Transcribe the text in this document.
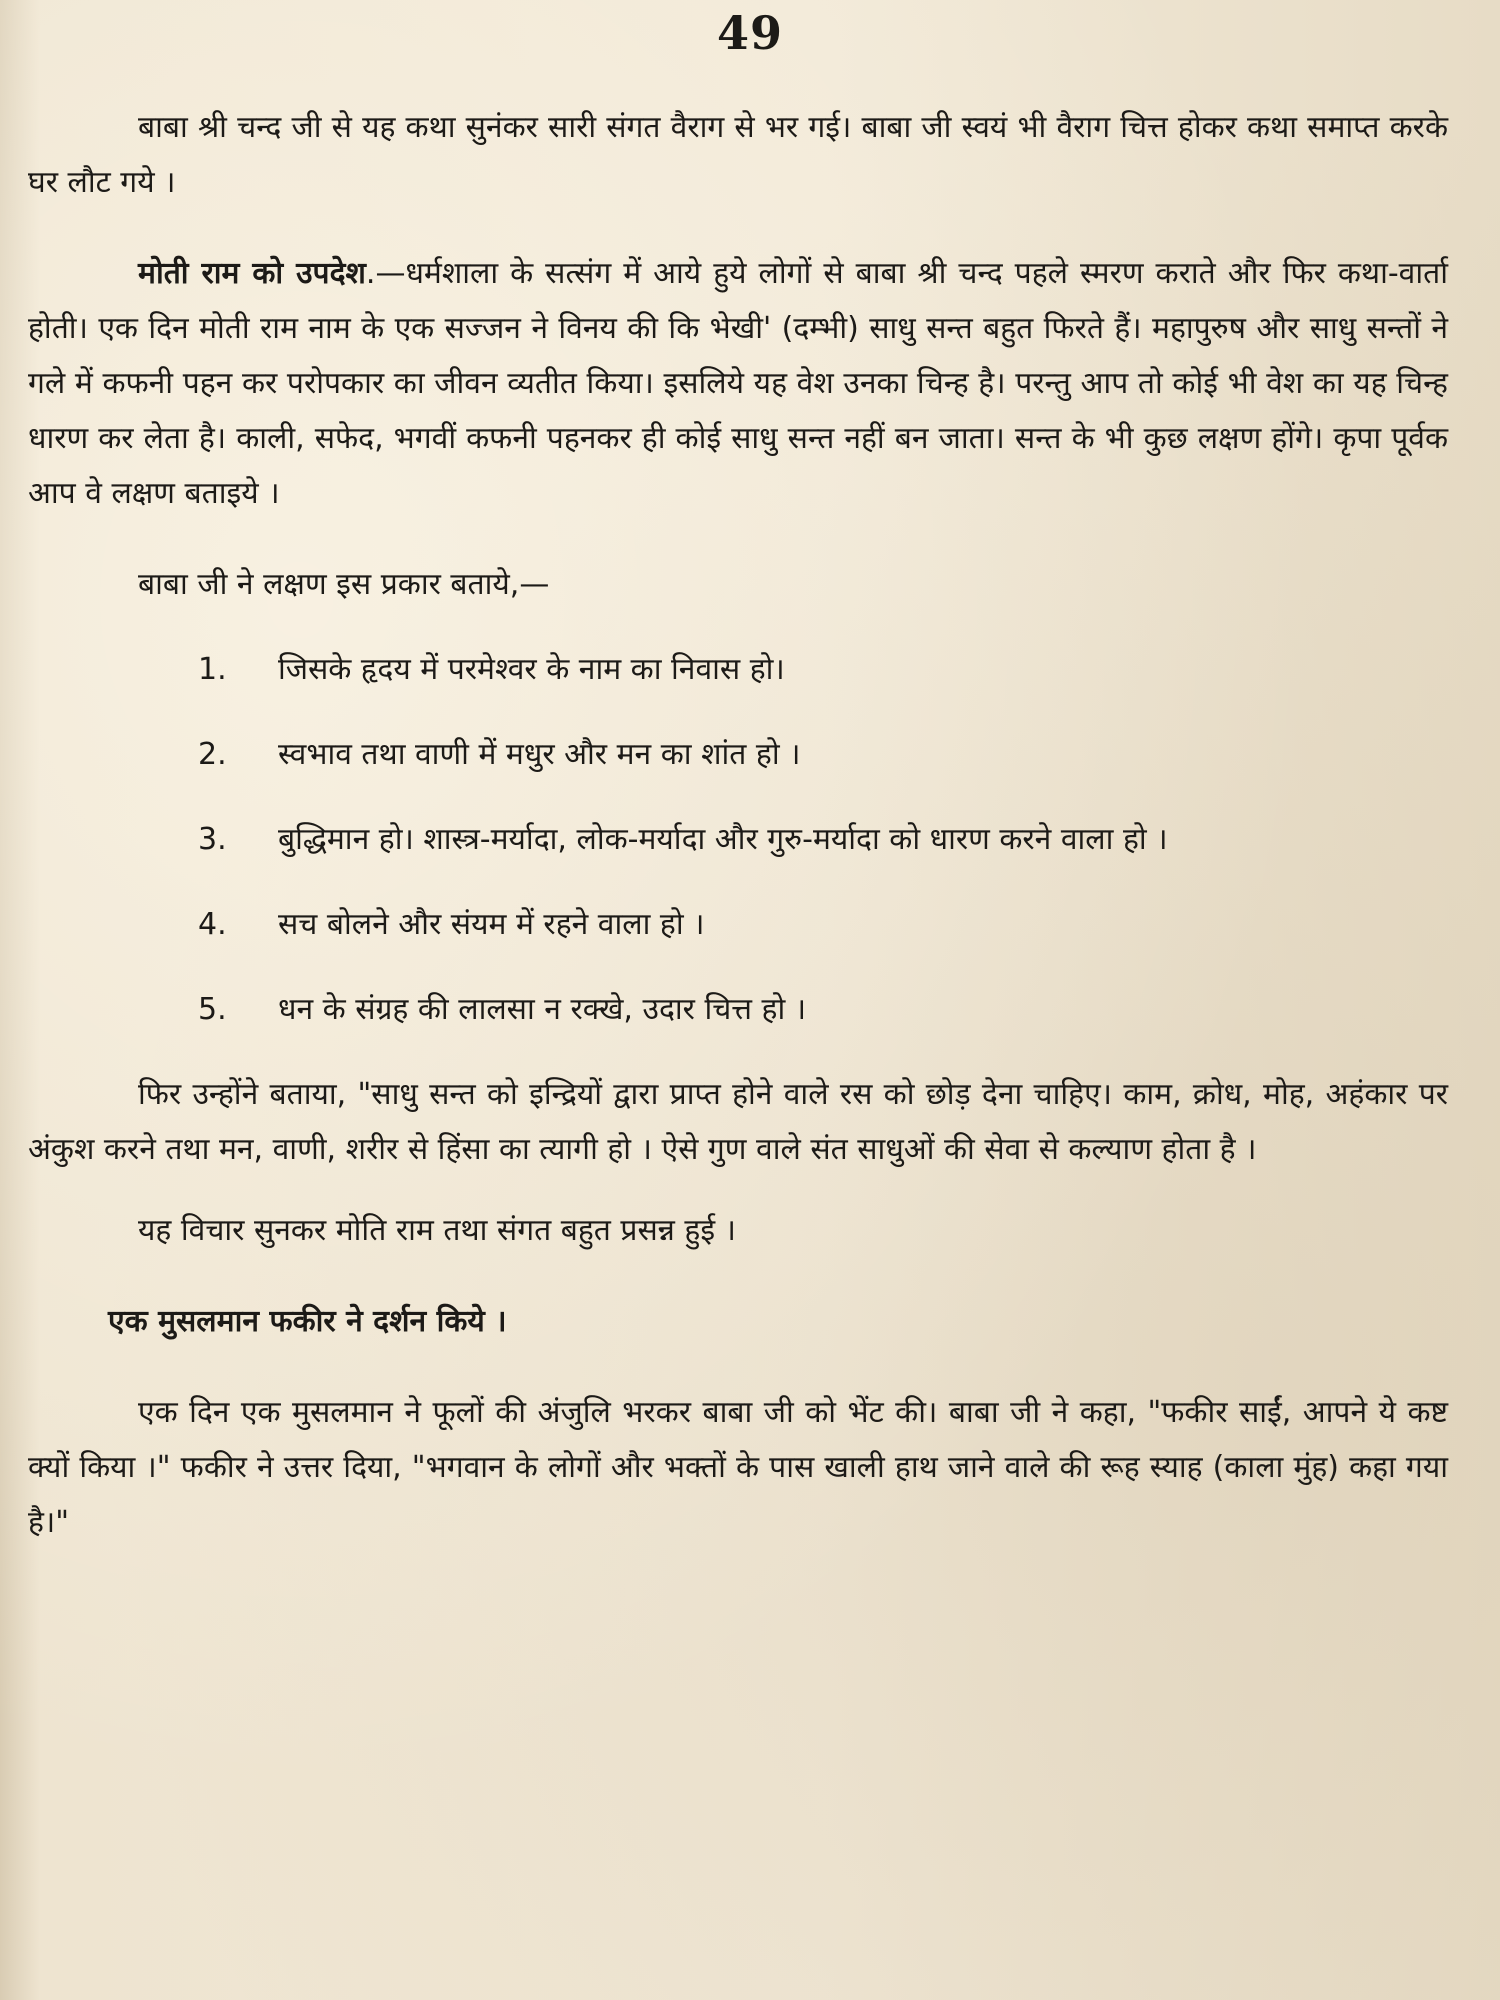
49

बाबा श्री चन्द जी से यह कथा सुनंकर सारी संगत वैराग से भर गई। बाबा जी स्वयं भी वैराग चित्त होकर कथा समाप्त करके घर लौट गये ।

मोती राम को उपदेश.—धर्मशाला के सत्संग में आये हुये लोगों से बाबा श्री चन्द पहले स्मरण कराते और फिर कथा-वार्ता होती। एक दिन मोती राम नाम के एक सज्जन ने विनय की कि भेखी' (दम्भी) साधु सन्त बहुत फिरते हैं। महापुरुष और साधु सन्तों ने गले में कफनी पहन कर परोपकार का जीवन व्यतीत किया। इसलिये यह वेश उनका चिन्ह है। परन्तु आप तो कोई भी वेश का यह चिन्ह धारण कर लेता है। काली, सफेद, भगवीं कफनी पहनकर ही कोई साधु सन्त नहीं बन जाता। सन्त के भी कुछ लक्षण होंगे। कृपा पूर्वक आप वे लक्षण बताइये ।

बाबा जी ने लक्षण इस प्रकार बताये,—

1.	जिसके हृदय में परमेश्वर के नाम का निवास हो।
2.	स्वभाव तथा वाणी में मधुर और मन का शांत हो ।
3.	बुद्धिमान हो। शास्त्र-मर्यादा, लोक-मर्यादा और गुरु-मर्यादा को धारण करने वाला हो ।
4.	सच बोलने और संयम में रहने वाला हो ।
5.	धन के संग्रह की लालसा न रक्खे, उदार चित्त हो ।

फिर उन्होंने बताया, "साधु सन्त को इन्द्रियों द्वारा प्राप्त होने वाले रस को छोड़ देना चाहिए। काम, क्रोध, मोह, अहंकार पर अंकुश करने तथा मन, वाणी, शरीर से हिंसा का त्यागी हो । ऐसे गुण वाले संत साधुओं की सेवा से कल्याण होता है ।

यह विचार सुनकर मोति राम तथा संगत बहुत प्रसन्न हुई ।

एक मुसलमान फकीर ने दर्शन किये ।

एक दिन एक मुसलमान ने फूलों की अंजुलि भरकर बाबा जी को भेंट की। बाबा जी ने कहा, "फकीर साईं, आपने ये कष्ट क्यों किया ।" फकीर ने उत्तर दिया, "भगवान के लोगों और भक्तों के पास खाली हाथ जाने वाले की रूह स्याह (काला मुंह) कहा गया है।"
